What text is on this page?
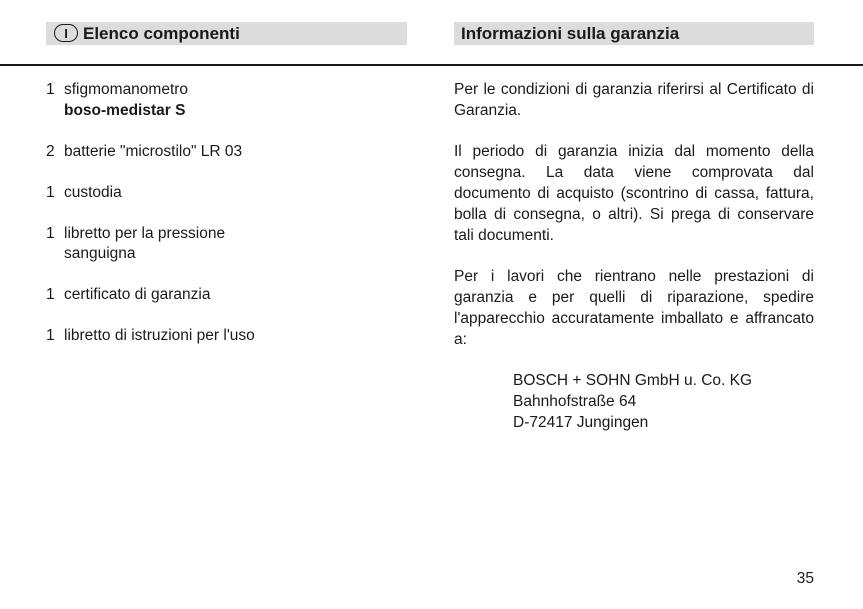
I Elenco componenti	Informazioni sulla garanzia
1 sfigmomanometro
boso-medistar S
2 batterie "microstilo" LR 03
1 custodia
1 libretto per la pressione
sanguigna
1 certificato di garanzia
1 libretto di istruzioni per l'uso

Per le condizioni di garanzia riferirsi al Certificato di Garanzia.

Il periodo di garanzia inizia dal momento della consegna. La data viene comprovata dal documento di acquisto (scontrino di cassa, fattura, bolla di consegna, o altri). Si prega di conservare tali documenti.

Per i lavori che rientrano nelle prestazioni di garanzia e per quelli di riparazione, spedire l'apparecchio accuratamente imballato e affrancato a:

BOSCH + SOHN GmbH u. Co. KG
Bahnhofstraße 64
D-72417 Jungingen
35
